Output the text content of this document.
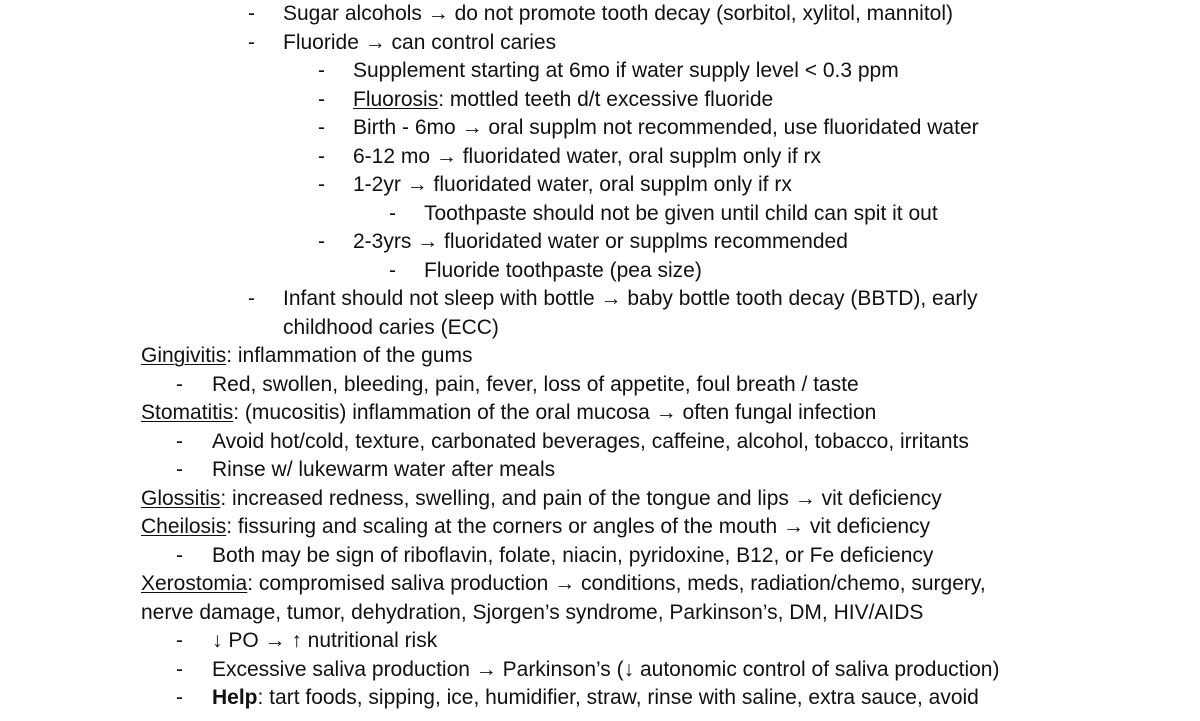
- Sugar alcohols → do not promote tooth decay (sorbitol, xylitol, mannitol)
- Fluoride → can control caries
- Supplement starting at 6mo if water supply level < 0.3 ppm
- Fluorosis: mottled teeth d/t excessive fluoride
- Birth - 6mo → oral supplm not recommended, use fluoridated water
- 6-12 mo → fluoridated water, oral supplm only if rx
- 1-2yr → fluoridated water, oral supplm only if rx
- Toothpaste should not be given until child can spit it out
- 2-3yrs → fluoridated water or supplms recommended
- Fluoride toothpaste (pea size)
- Infant should not sleep with bottle → baby bottle tooth decay (BBTD), early
childhood caries (ECC)
Gingivitis: inflammation of the gums
- Red, swollen, bleeding, pain, fever, loss of appetite, foul breath / taste
Stomatitis: (mucositis) inflammation of the oral mucosa → often fungal infection
- Avoid hot/cold, texture, carbonated beverages, caffeine, alcohol, tobacco, irritants
- Rinse w/ lukewarm water after meals
Glossitis: increased redness, swelling, and pain of the tongue and lips → vit deficiency
Cheilosis: fissuring and scaling at the corners or angles of the mouth → vit deficiency
- Both may be sign of riboflavin, folate, niacin, pyridoxine, B12, or Fe deficiency
Xerostomia: compromised saliva production → conditions, meds, radiation/chemo, surgery,
nerve damage, tumor, dehydration, Sjorgen’s syndrome, Parkinson’s, DM, HIV/AIDS
- ↓ PO → ↑ nutritional risk
- Excessive saliva production → Parkinson’s (↓ autonomic control of saliva production)
- Help: tart foods, sipping, ice, humidifier, straw, rinse with saline, extra sauce, avoid
